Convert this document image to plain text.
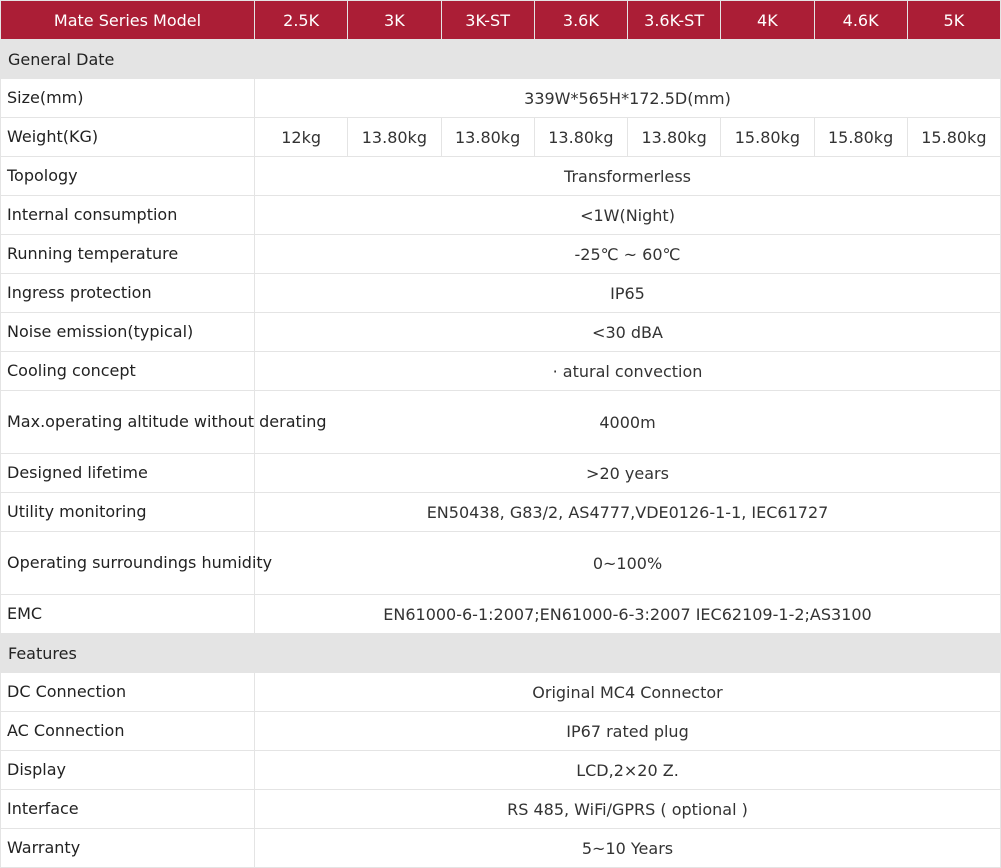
Mate Series Model	2.5K	3K	3K-ST	3.6K	3.6K-ST	4K	4.6K	5K
General Date								
Size(mm)	339W*565H*172.5D(mm)							
Weight(KG)	12kg	13.80kg	13.80kg	13.80kg	13.80kg	15.80kg	15.80kg	15.80kg
Topology	Transformerless							
Internal consumption	<1W(Night)							
Running temperature	-25℃ ~ 60℃							
Ingress protection	IP65							
Noise emission(typical)	<30 dBA							
Cooling concept	· atural convection							
Max.operating altitude without derating	4000m							
Designed lifetime	>20 years							
Utility monitoring	EN50438, G83/2, AS4777,VDE0126-1-1, IEC61727							
Operating surroundings humidity	0~100%							
EMC	EN61000-6-1:2007;EN61000-6-3:2007 IEC62109-1-2;AS3100							
Features								
DC Connection	Original MC4 Connector							
AC Connection	IP67 rated plug							
Display	LCD,2×20 Z.							
Interface	RS 485, WiFi/GPRS ( optional )							
Warranty	5~10 Years							
